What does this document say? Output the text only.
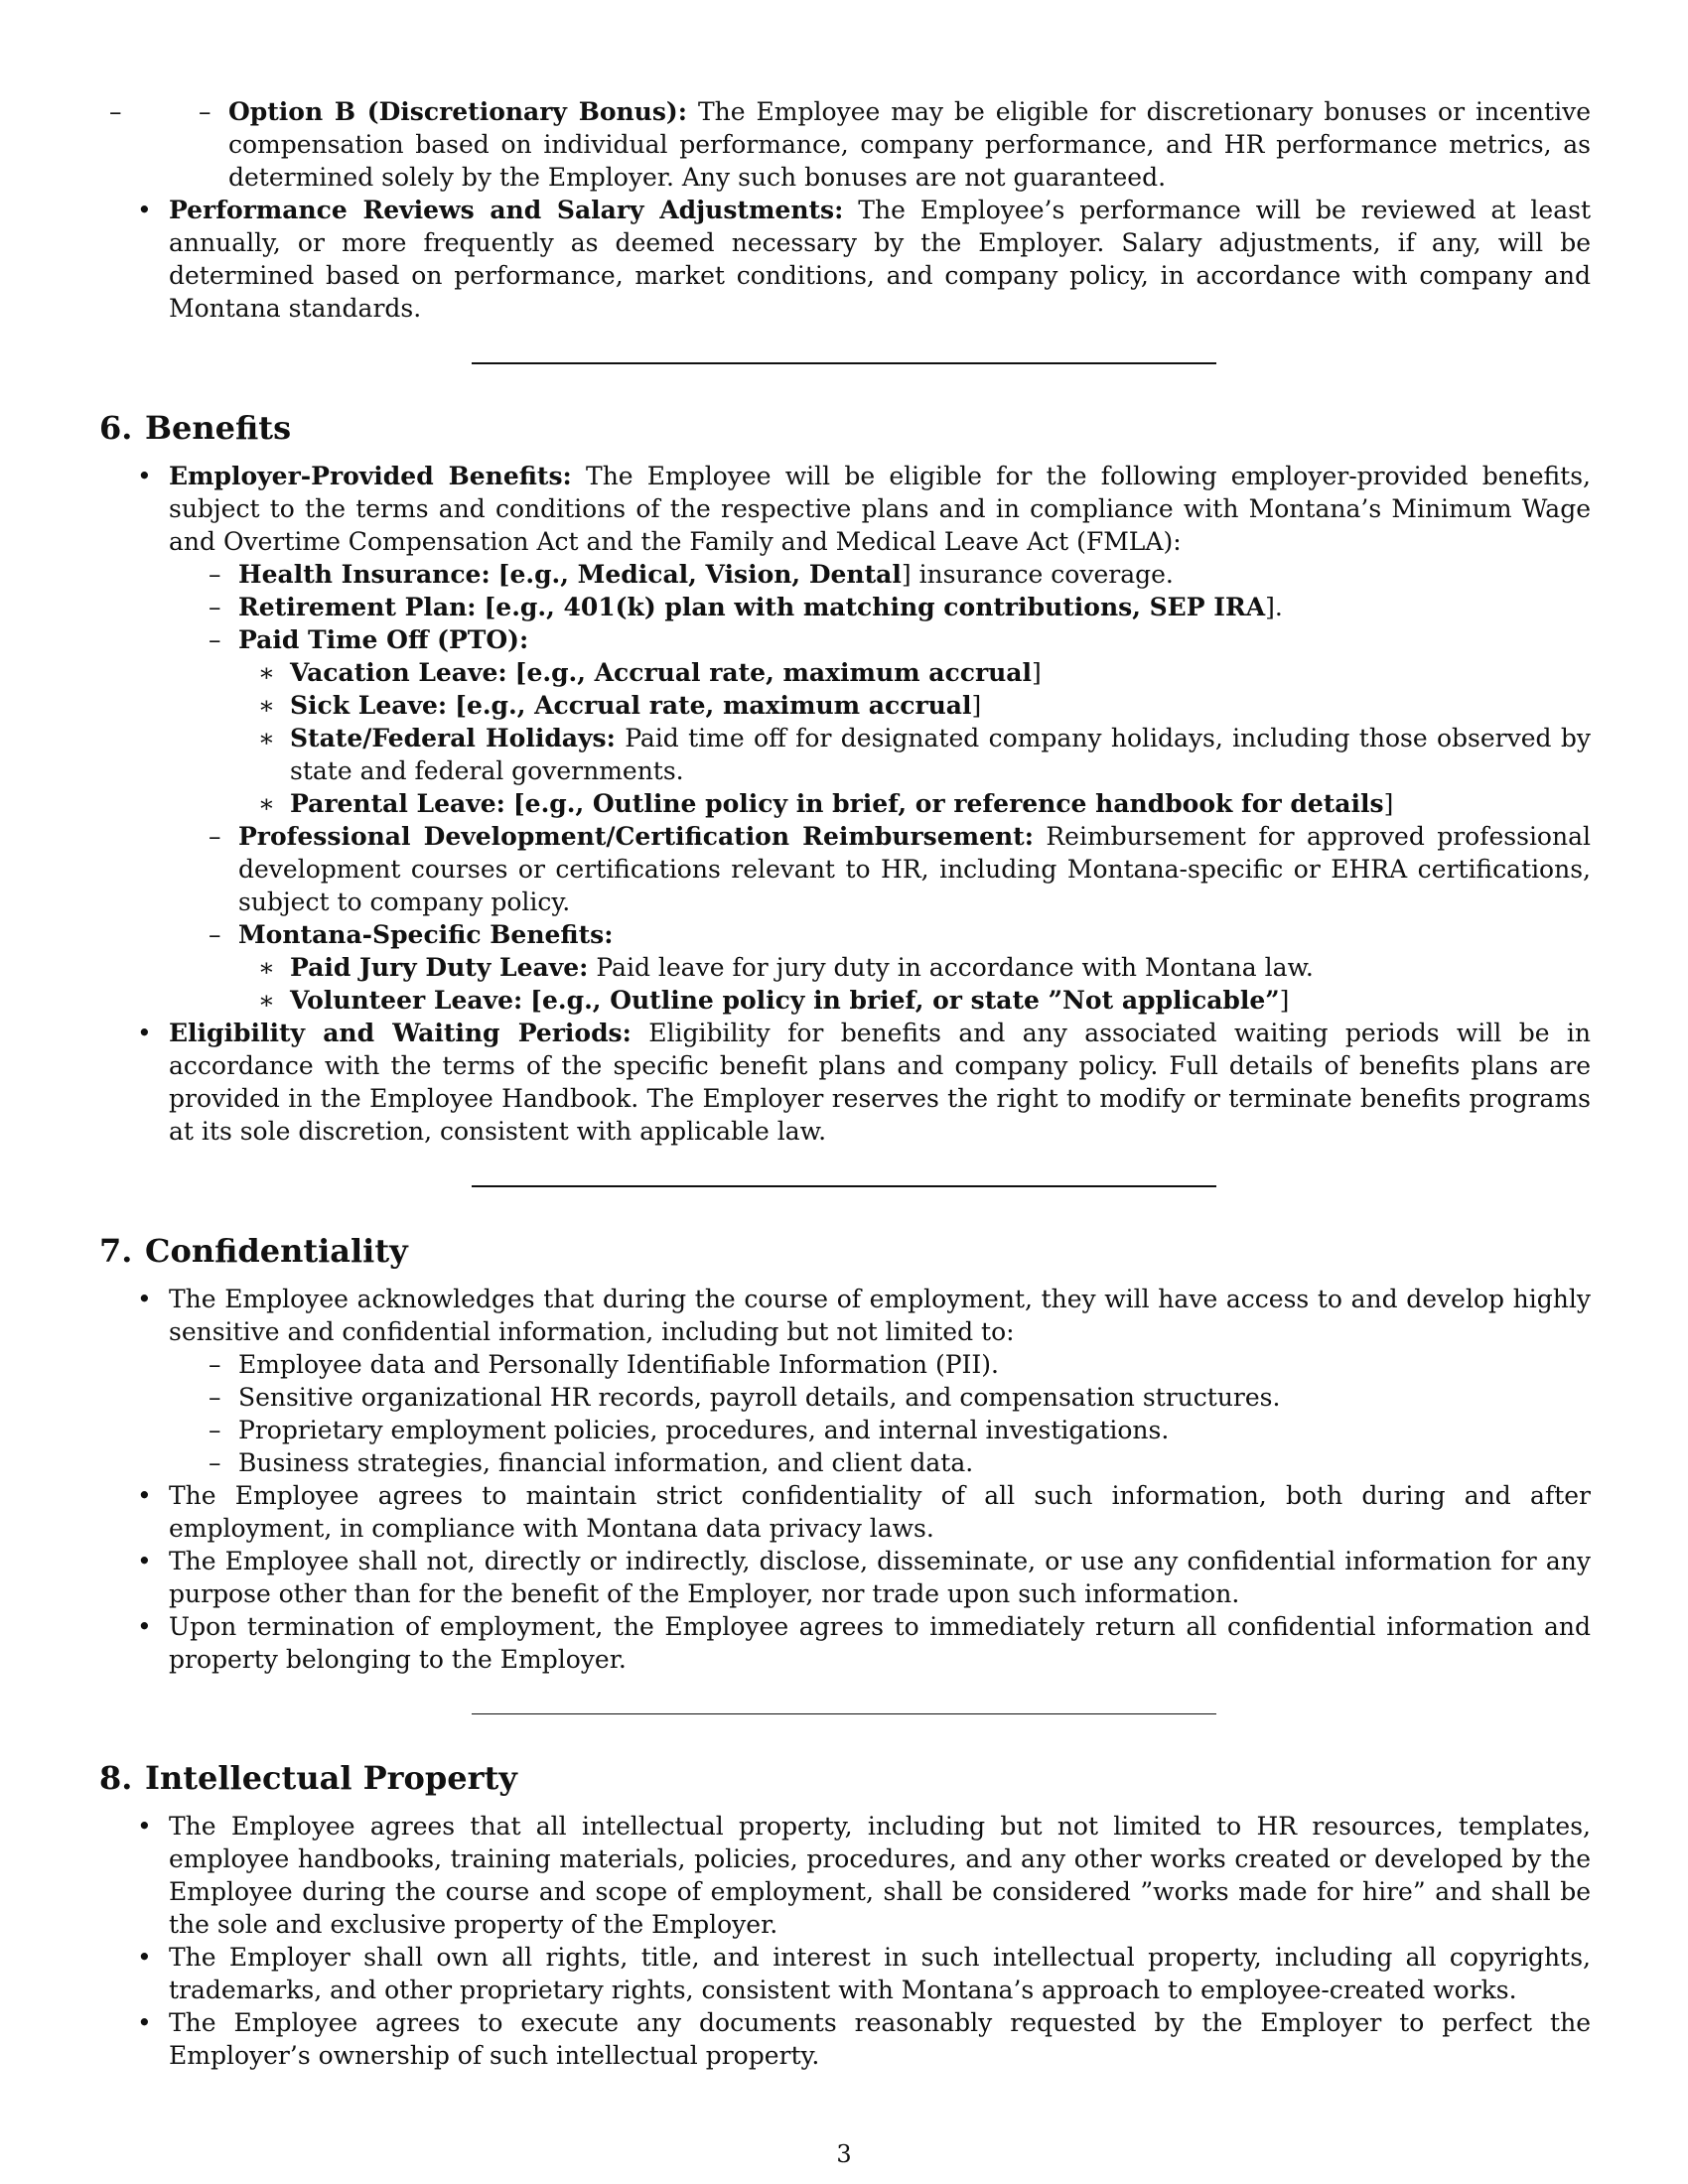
– – Option B (Discretionary Bonus): The Employee may be eligible for discretionary bonuses or incentive compensation based on individual performance, company performance, and HR performance metrics, as determined solely by the Employer. Any such bonuses are not guaranteed.
• Performance Reviews and Salary Adjustments: The Employee’s performance will be reviewed at least annually, or more frequently as deemed necessary by the Employer. Salary adjustments, if any, will be determined based on performance, market conditions, and company policy, in accordance with company and Montana standards.
6. Benefits
• Employer-Provided Benefits: The Employee will be eligible for the following employer-provided benefits, subject to the terms and conditions of the respective plans and in compliance with Montana’s Minimum Wage and Overtime Compensation Act and the Family and Medical Leave Act (FMLA):
– Health Insurance: [e.g., Medical, Vision, Dental] insurance coverage.
– Retirement Plan: [e.g., 401(k) plan with matching contributions, SEP IRA].
– Paid Time Off (PTO):
∗ Vacation Leave: [e.g., Accrual rate, maximum accrual]
∗ Sick Leave: [e.g., Accrual rate, maximum accrual]
∗ State/Federal Holidays: Paid time off for designated company holidays, including those observed by state and federal governments.
∗ Parental Leave: [e.g., Outline policy in brief, or reference handbook for details]
– Professional Development/Certification Reimbursement: Reimbursement for approved professional development courses or certifications relevant to HR, including Montana-specific or EHRA certifications, subject to company policy.
– Montana-Specific Benefits:
∗ Paid Jury Duty Leave: Paid leave for jury duty in accordance with Montana law.
∗ Volunteer Leave: [e.g., Outline policy in brief, or state ”Not applicable”]
• Eligibility and Waiting Periods: Eligibility for benefits and any associated waiting periods will be in accordance with the terms of the specific benefit plans and company policy. Full details of benefits plans are provided in the Employee Handbook. The Employer reserves the right to modify or terminate benefits programs at its sole discretion, consistent with applicable law.
7. Confidentiality
• The Employee acknowledges that during the course of employment, they will have access to and develop highly sensitive and confidential information, including but not limited to:
– Employee data and Personally Identifiable Information (PII).
– Sensitive organizational HR records, payroll details, and compensation structures.
– Proprietary employment policies, procedures, and internal investigations.
– Business strategies, financial information, and client data.
• The Employee agrees to maintain strict confidentiality of all such information, both during and after employment, in compliance with Montana data privacy laws.
• The Employee shall not, directly or indirectly, disclose, disseminate, or use any confidential information for any purpose other than for the benefit of the Employer, nor trade upon such information.
• Upon termination of employment, the Employee agrees to immediately return all confidential information and property belonging to the Employer.
8. Intellectual Property
• The Employee agrees that all intellectual property, including but not limited to HR resources, templates, employee handbooks, training materials, policies, procedures, and any other works created or developed by the Employee during the course and scope of employment, shall be considered ”works made for hire” and shall be the sole and exclusive property of the Employer.
• The Employer shall own all rights, title, and interest in such intellectual property, including all copyrights, trademarks, and other proprietary rights, consistent with Montana’s approach to employee-created works.
• The Employee agrees to execute any documents reasonably requested by the Employer to perfect the Employer’s ownership of such intellectual property.
3
